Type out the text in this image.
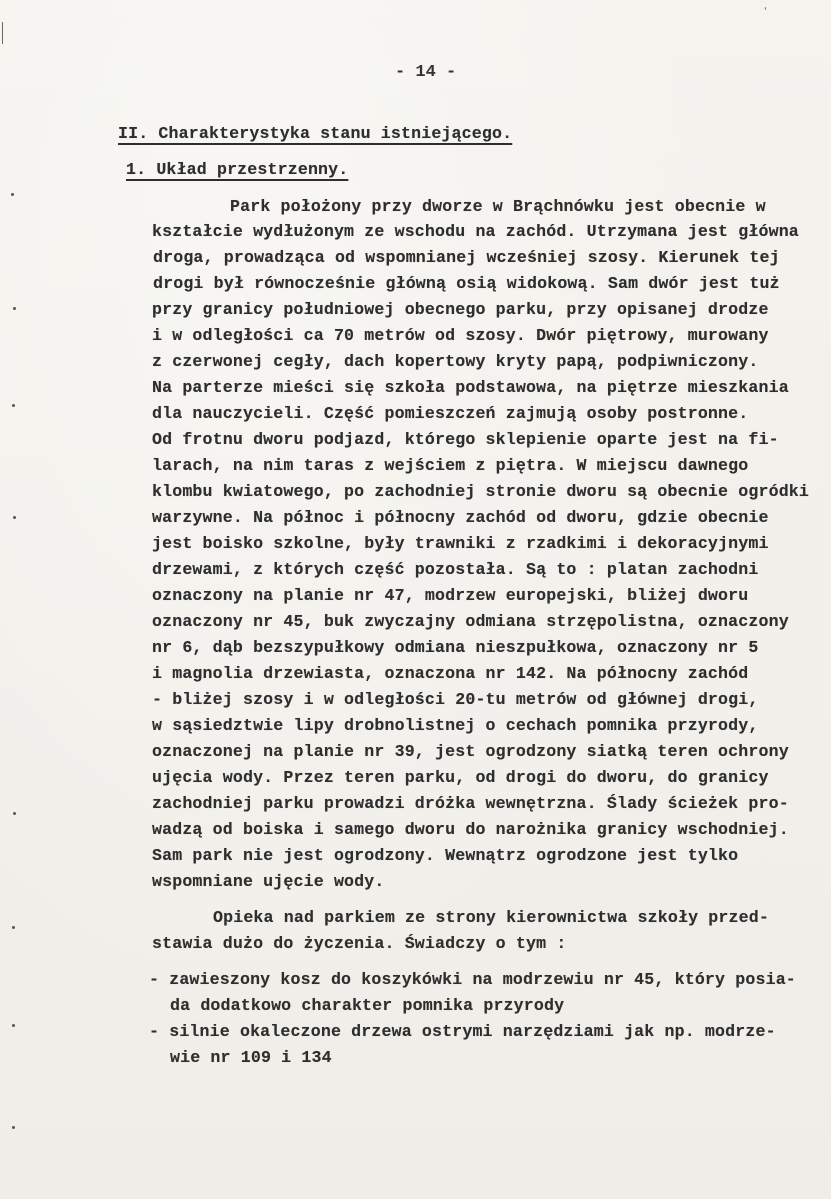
ʼ
- 14 -
II. Charakterystyka stanu istniejącego.
1. Układ przestrzenny.
Park położony przy dworze w Brąchnówku jest obecnie w
kształcie wydłużonym ze wschodu na zachód. Utrzymana jest główna
droga, prowadząca od wspomnianej wcześniej szosy. Kierunek tej
drogi był równocześnie główną osią widokową. Sam dwór jest tuż
przy granicy południowej obecnego parku, przy opisanej drodze
i w odległości ca 70 metrów od szosy. Dwór piętrowy, murowany
z czerwonej cegły, dach kopertowy kryty papą, podpiwniczony.
Na parterze mieści się szkoła podstawowa, na piętrze mieszkania
dla nauczycieli. Część pomieszczeń zajmują osoby postronne.
Od frotnu dworu podjazd, którego sklepienie oparte jest na fi-
larach, na nim taras z wejściem z piętra. W miejscu dawnego
klombu kwiatowego, po zachodniej stronie dworu są obecnie ogródki
warzywne. Na północ i północny zachód od dworu, gdzie obecnie
jest boisko szkolne, były trawniki z rzadkimi i dekoracyjnymi
drzewami, z których część pozostała. Są to : platan zachodni
oznaczony na planie nr 47, modrzew europejski, bliżej dworu
oznaczony nr 45, buk zwyczajny odmiana strzępolistna, oznaczony
nr 6, dąb bezszypułkowy odmiana nieszpułkowa, oznaczony nr 5
i magnolia drzewiasta, oznaczona nr 142. Na północny zachód
- bliżej szosy i w odległości 20-tu metrów od głównej drogi,
w sąsiedztwie lipy drobnolistnej o cechach pomnika przyrody,
oznaczonej na planie nr 39, jest ogrodzony siatką teren ochrony
ujęcia wody. Przez teren parku, od drogi do dworu, do granicy
zachodniej parku prowadzi dróżka wewnętrzna. Ślady ścieżek pro-
wadzą od boiska i samego dworu do narożnika granicy wschodniej.
Sam park nie jest ogrodzony. Wewnątrz ogrodzone jest tylko
wspomniane ujęcie wody.
Opieka nad parkiem ze strony kierownictwa szkoły przed-
stawia dużo do życzenia. Świadczy o tym :
- zawieszony kosz do koszykówki na modrzewiu nr 45, który posia-
da dodatkowo charakter pomnika przyrody
- silnie okaleczone drzewa ostrymi narzędziami jak np. modrze-
wie nr 109 i 134
